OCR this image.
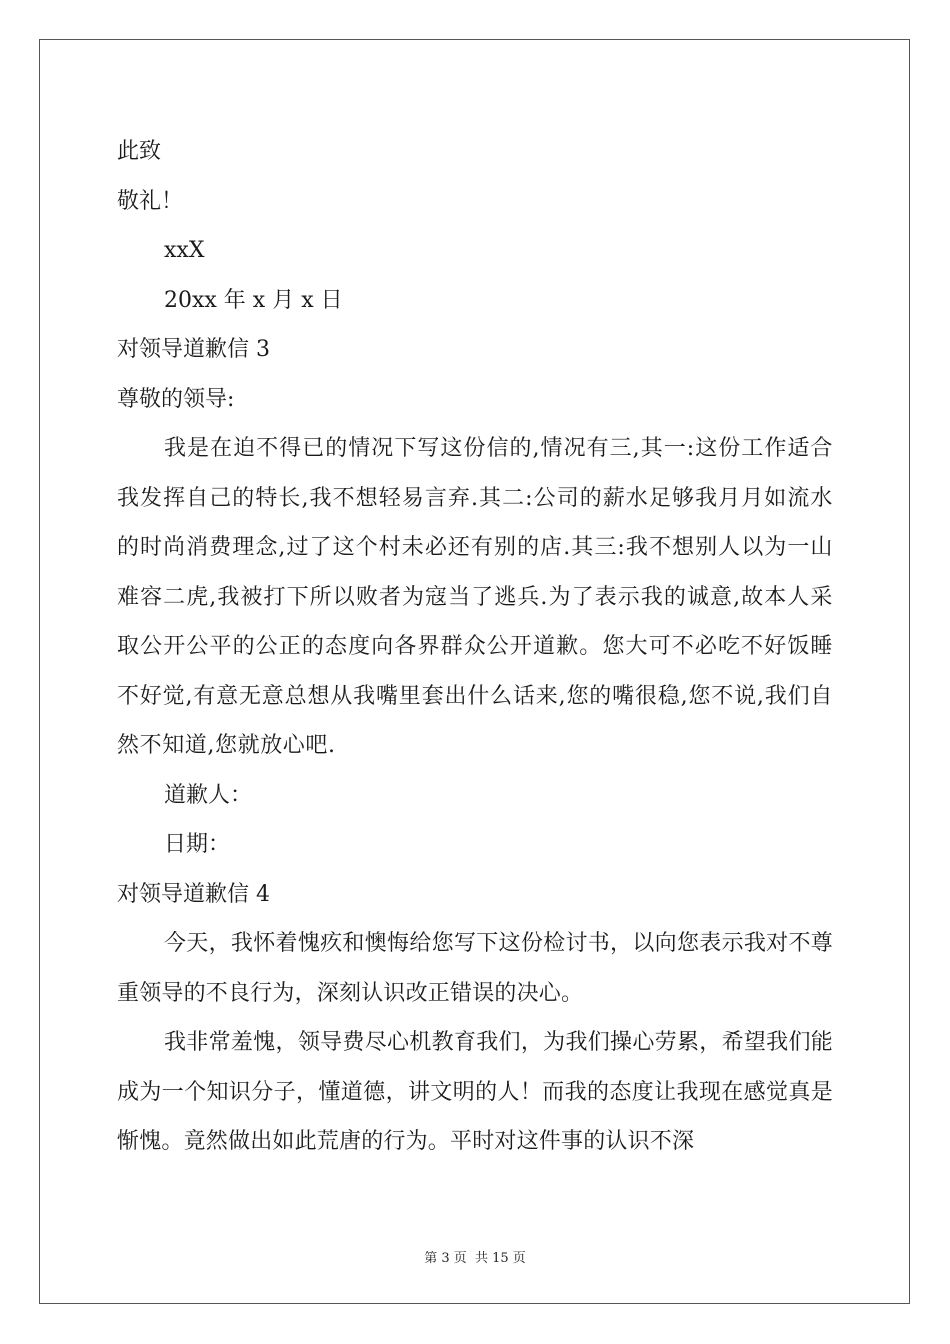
此致

敬礼！

xxX

20xx 年 x 月 x 日

对领导道歉信 3

尊敬的领导:

我是在迫不得已的情况下写这份信的,情况有三,其一:这份工作适合我发挥自己的特长,我不想轻易言弃.其二:公司的薪水足够我月月如流水的时尚消费理念,过了这个村未必还有别的店.其三:我不想别人以为一山难容二虎,我被打下所以败者为寇当了逃兵.为了表示我的诚意,故本人采取公开公平的公正的态度向各界群众公开道歉。您大可不必吃不好饭睡不好觉,有意无意总想从我嘴里套出什么话来,您的嘴很稳,您不说,我们自然不知道,您就放心吧.

道歉人：

日期：

对领导道歉信 4

今天，我怀着愧疚和懊悔给您写下这份检讨书，以向您表示我对不尊重领导的不良行为，深刻认识改正错误的决心。

我非常羞愧，领导费尽心机教育我们，为我们操心劳累，希望我们能成为一个知识分子，懂道德，讲文明的人！而我的态度让我现在感觉真是惭愧。竟然做出如此荒唐的行为。平时对这件事的认识不深

第 3 页 共 15 页
